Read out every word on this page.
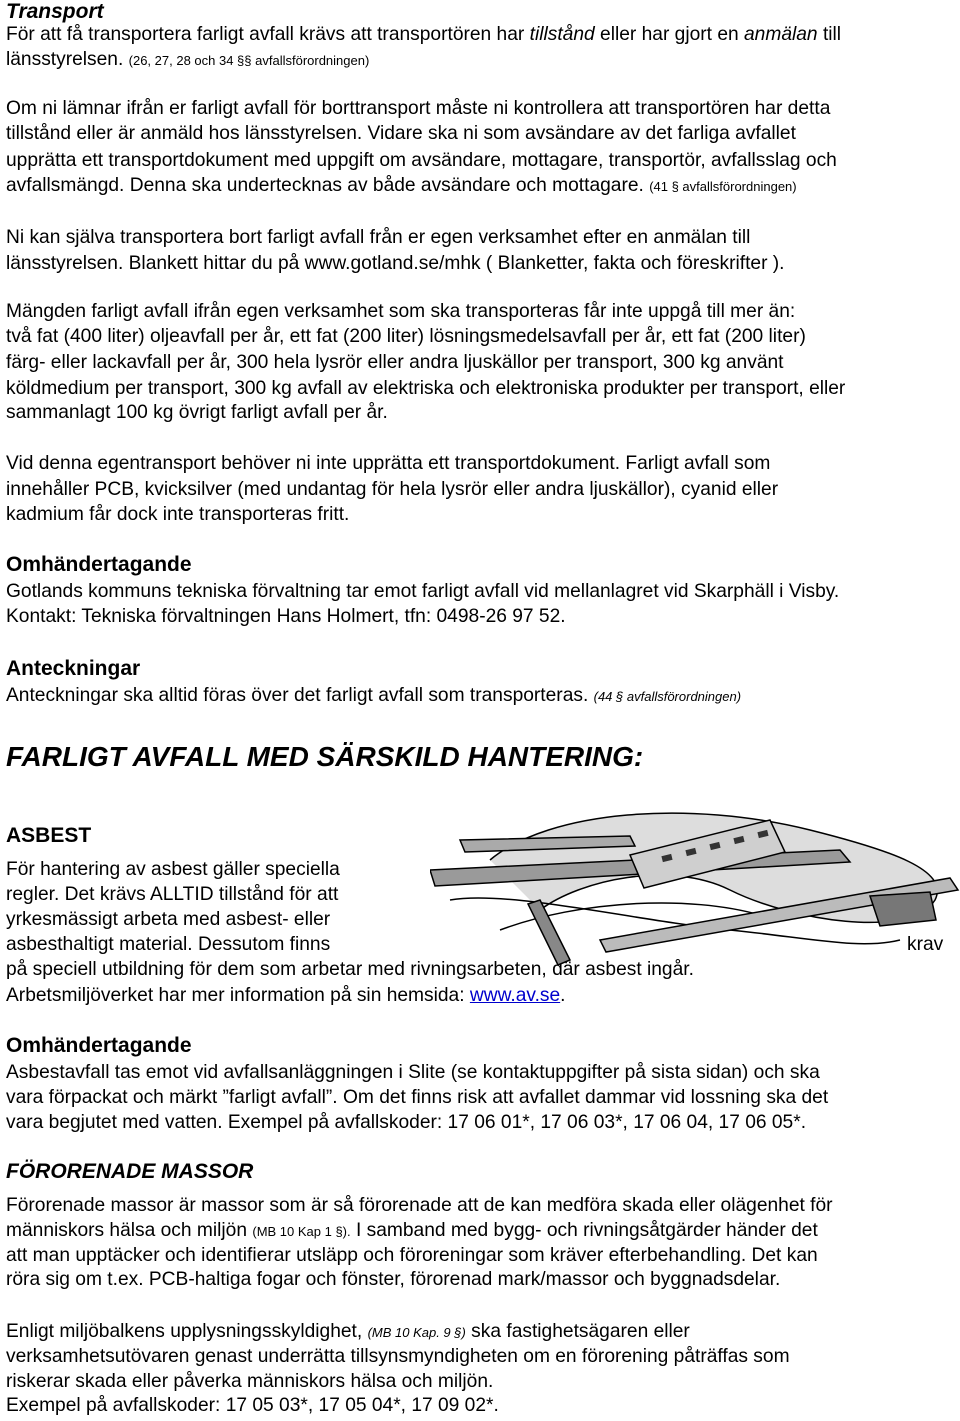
Transport
För att få transportera farligt avfall krävs att transportören har tillstånd eller har gjort en anmälan till
länsstyrelsen. (26, 27, 28 och 34 §§ avfallsförordningen)
Om ni lämnar ifrån er farligt avfall för borttransport måste ni kontrollera att transportören har detta
tillstånd eller är anmäld hos länsstyrelsen. Vidare ska ni som avsändare av det farliga avfallet
upprätta ett transportdokument med uppgift om avsändare, mottagare, transportör, avfallsslag och
avfallsmängd. Denna ska undertecknas av både avsändare och mottagare. (41 § avfallsförordningen)
Ni kan själva transportera bort farligt avfall från er egen verksamhet efter en anmälan till
länsstyrelsen. Blankett hittar du på www.gotland.se/mhk ( Blanketter, fakta och föreskrifter ).
Mängden farligt avfall ifrån egen verksamhet som ska transporteras får inte uppgå till mer än:
två fat (400 liter) oljeavfall per år, ett fat (200 liter) lösningsmedelsavfall per år, ett fat (200 liter)
färg- eller lackavfall per år, 300 hela lysrör eller andra ljuskällor per transport, 300 kg använt
köldmedium per transport, 300 kg avfall av elektriska och elektroniska produkter per transport, eller
sammanlagt 100 kg övrigt farligt avfall per år.
Vid denna egentransport behöver ni inte upprätta ett transportdokument. Farligt avfall som
innehåller PCB, kvicksilver (med undantag för hela lysrör eller andra ljuskällor), cyanid eller
kadmium får dock inte transporteras fritt.
Omhändertagande
Gotlands kommuns tekniska förvaltning tar emot farligt avfall vid mellanlagret vid Skarphäll i Visby.
Kontakt: Tekniska förvaltningen Hans Holmert, tfn: 0498-26 97 52.
Anteckningar
Anteckningar ska alltid föras över det farligt avfall som transporteras. (44 § avfallsförordningen)
FARLIGT AVFALL MED SÄRSKILD HANTERING:
ASBEST
För hantering av asbest gäller speciella
regler. Det krävs ALLTID tillstånd för att
yrkesmässigt arbeta med asbest- eller
asbesthaltigt material. Dessutom finns	krav
på speciell utbildning för dem som arbetar med rivningsarbeten, där asbest ingår.
Arbetsmiljöverket har mer information på sin hemsida: www.av.se.
Omhändertagande
Asbestavfall tas emot vid avfallsanläggningen i Slite (se kontaktuppgifter på sista sidan) och ska
vara förpackat och märkt ”farligt avfall”. Om det finns risk att avfallet dammar vid lossning ska det
vara begjutet med vatten. Exempel på avfallskoder: 17 06 01*, 17 06 03*, 17 06 04, 17 06 05*.
FÖRORENADE MASSOR
Förorenade massor är massor som är så förorenade att de kan medföra skada eller olägenhet för
människors hälsa och miljön (MB 10 Kap 1 §). I samband med bygg- och rivningsåtgärder händer det
att man upptäcker och identifierar utsläpp och föroreningar som kräver efterbehandling. Det kan
röra sig om t.ex. PCB-haltiga fogar och fönster, förorenad mark/massor och byggnadsdelar.
Enligt miljöbalkens upplysningsskyldighet, (MB 10 Kap. 9 §) ska fastighetsägaren eller
verksamhetsutövaren genast underrätta tillsynsmyndigheten om en förorening påträffas som
riskerar skada eller påverka människors hälsa och miljön.
Exempel på avfallskoder: 17 05 03*, 17 05 04*, 17 09 02*.
